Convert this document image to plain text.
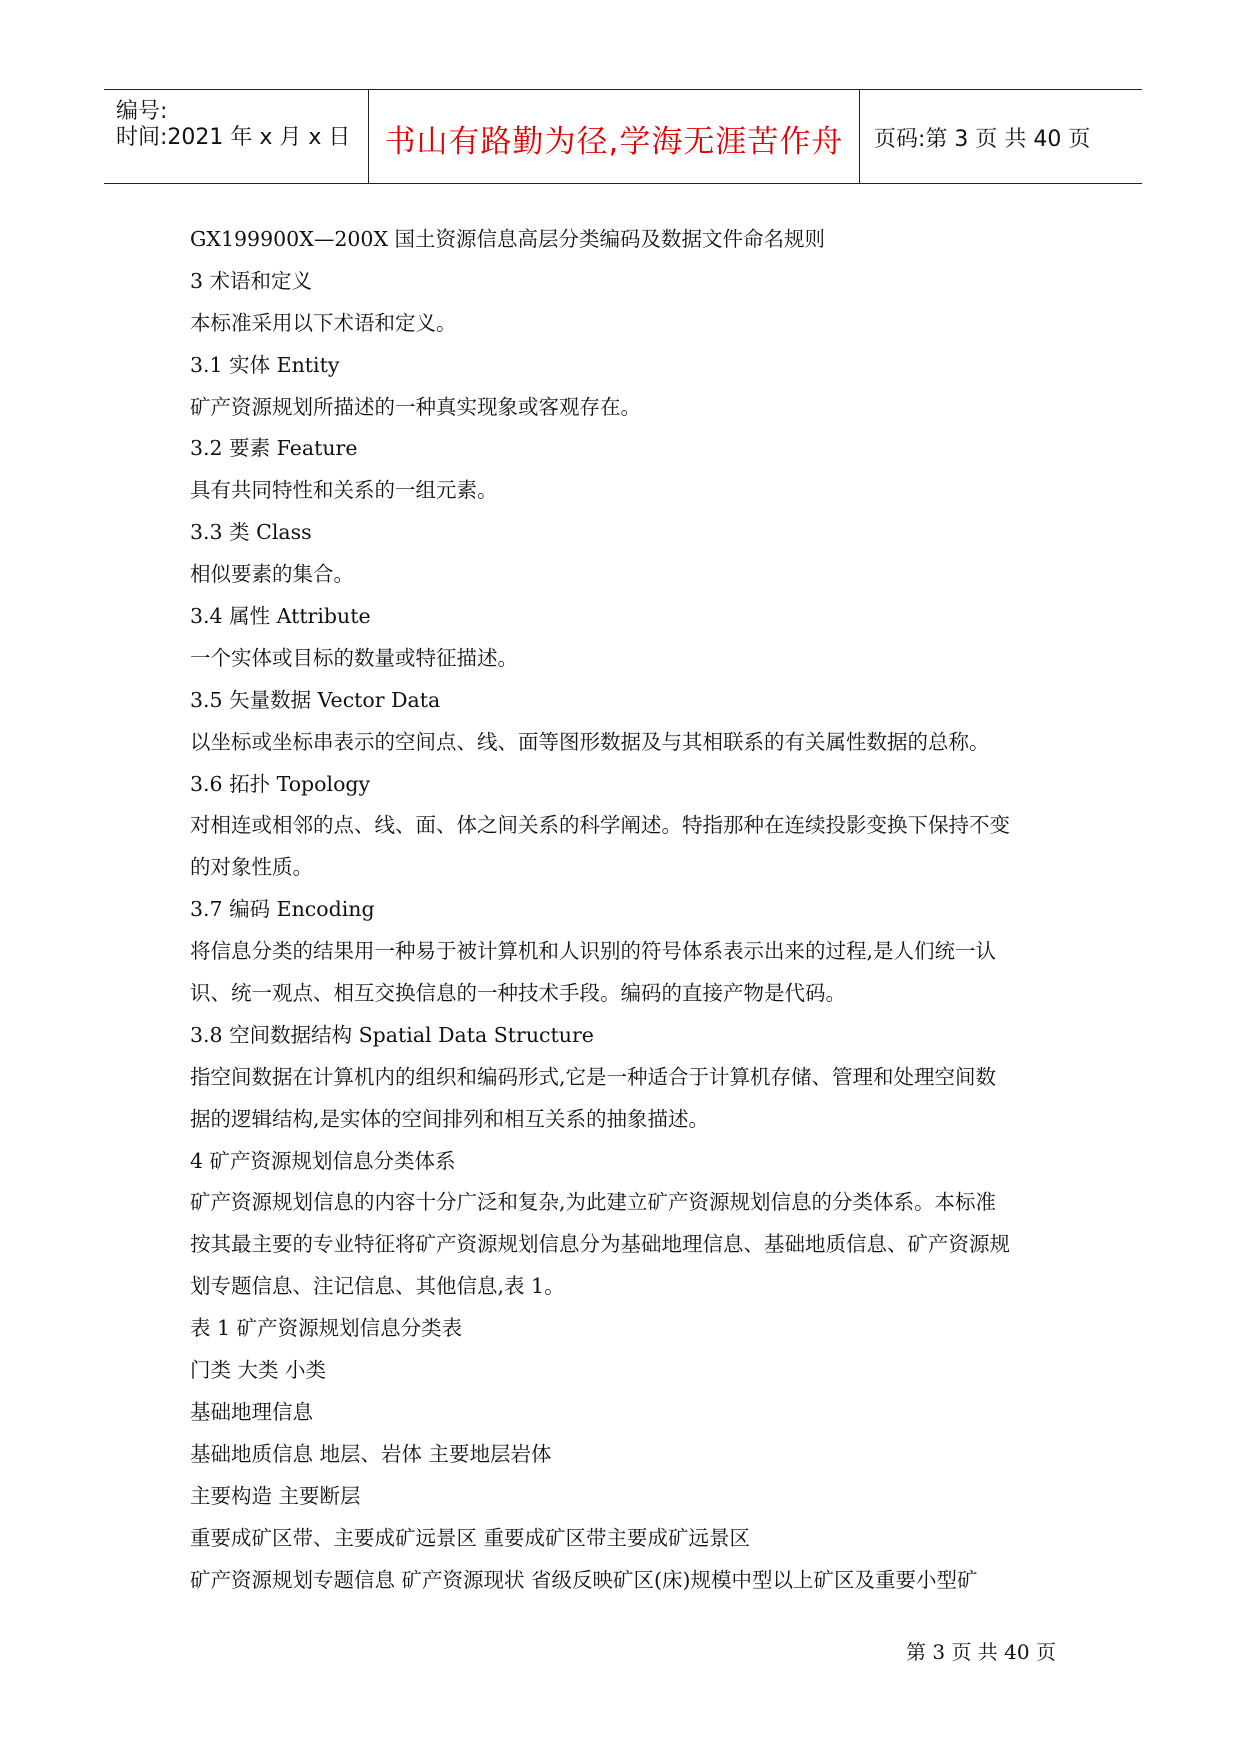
编号:
时间:2021 年 x 月 x 日	书山有路勤为径,学海无涯苦作舟	页码:第 3 页 共 40 页
GX199900X—200X 国土资源信息高层分类编码及数据文件命名规则
3 术语和定义
本标准采用以下术语和定义。
3.1 实体 Entity
矿产资源规划所描述的一种真实现象或客观存在。
3.2 要素 Feature
具有共同特性和关系的一组元素。
3.3 类 Class
相似要素的集合。
3.4 属性 Attribute
一个实体或目标的数量或特征描述。
3.5 矢量数据 Vector Data
以坐标或坐标串表示的空间点、线、面等图形数据及与其相联系的有关属性数据的总称。
3.6 拓扑 Topology
对相连或相邻的点、线、面、体之间关系的科学阐述。特指那种在连续投影变换下保持不变
的对象性质。
3.7 编码 Encoding
将信息分类的结果用一种易于被计算机和人识别的符号体系表示出来的过程,是人们统一认
识、统一观点、相互交换信息的一种技术手段。编码的直接产物是代码。
3.8 空间数据结构 Spatial Data Structure
指空间数据在计算机内的组织和编码形式,它是一种适合于计算机存储、管理和处理空间数
据的逻辑结构,是实体的空间排列和相互关系的抽象描述。
4 矿产资源规划信息分类体系
矿产资源规划信息的内容十分广泛和复杂,为此建立矿产资源规划信息的分类体系。本标准
按其最主要的专业特征将矿产资源规划信息分为基础地理信息、基础地质信息、矿产资源规
划专题信息、注记信息、其他信息,表 1。
表 1 矿产资源规划信息分类表
门类 大类 小类
基础地理信息
基础地质信息 地层、岩体 主要地层岩体
主要构造 主要断层
重要成矿区带、主要成矿远景区 重要成矿区带主要成矿远景区
矿产资源规划专题信息 矿产资源现状 省级反映矿区(床)规模中型以上矿区及重要小型矿
第 3 页 共 40 页
